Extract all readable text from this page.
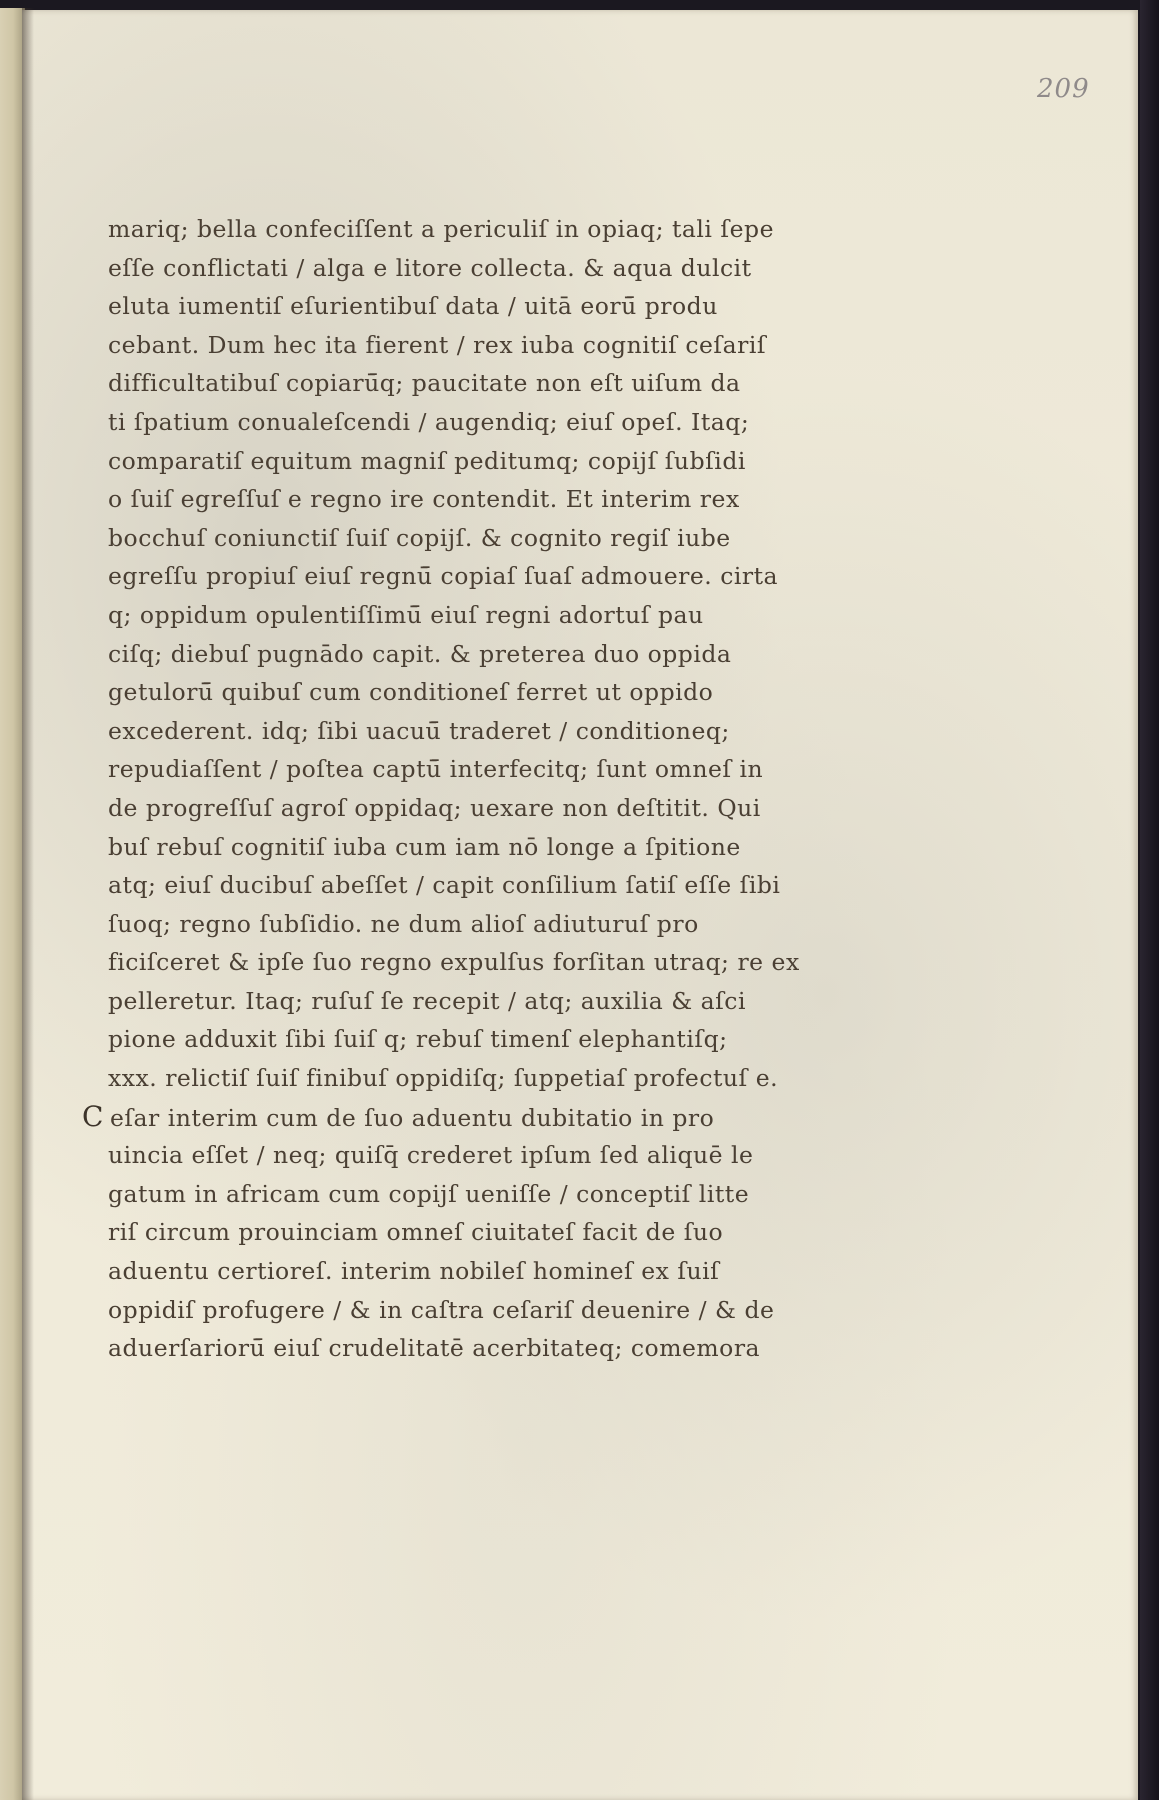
209
mariq; bella confeciſſent a periculiſ in opiaq; tali ſepe
eſſe conflictati / alga e litore collecta. & aqua dulcit
eluta iumentiſ eſurientibuſ data / uitā eorū̄ produ
cebant. Dum hec ita fierent / rex iuba cognitiſ ceſariſ
difficultatibuſ copiarū̄q; paucitate non eſt uiſum da
ti ſpatium conualeſcendi / augendiq; eiuſ opeſ. Itaq;
comparatiſ equitum magniſ peditumq; copijſ ſubſidi
o ſuiſ egreſſuſ e regno ire contendit. Et interim rex
bocchuſ coniunctiſ ſuiſ copijſ. & cognito regiſ iube
egreſſu propiuſ eiuſ regnū̄ copiaſ ſuaſ admouere. cirta
q; oppidum opulentiſſimū̄ eiuſ regni adortuſ pau
ciſq; diebuſ pugnādo capit. & preterea duo oppida
getulorū̄ quibuſ cum conditioneſ ferret ut oppido
excederent. idq; ſibi uacuū̄ traderet / conditioneq;
repudiaſſent / poſtea captū̄ interfecitq; ſunt omneſ in
de progreſſuſ agroſ oppidaq; uexare non deſtitit. Qui
buſ rebuſ cognitiſ iuba cum iam nō longe a ſpitione
atq; eiuſ ducibuſ abeſſet / capit conſilium ſatiſ eſſe ſibi
ſuoq; regno ſubſidio. ne dum alioſ adiuturuſ pro
ficiſceret & ipſe ſuo regno expulſus forſitan utraq; re ex
pelleretur. Itaq; ruſuſ ſe recepit / atq; auxilia & aſci
pione adduxit ſibi ſuiſ q; rebuſ timenſ elephantiſq;
xxx. relictiſ ſuiſ finibuſ oppidiſq; ſuppetiaſ profectuſ e.
C eſar interim cum de ſuo aduentu dubitatio in pro
uincia eſſet / neq; quiſq̄ crederet ipſum ſed aliquē le
gatum in africam cum copijſ ueniſſe / conceptiſ litte
riſ circum prouinciam omneſ ciuitateſ facit de ſuo
aduentu certioreſ. interim nobileſ homineſ ex ſuiſ
oppidiſ profugere / & in caſtra ceſariſ deuenire / & de
aduerſariorū̄ eiuſ crudelitatē acerbitateq; comemora
